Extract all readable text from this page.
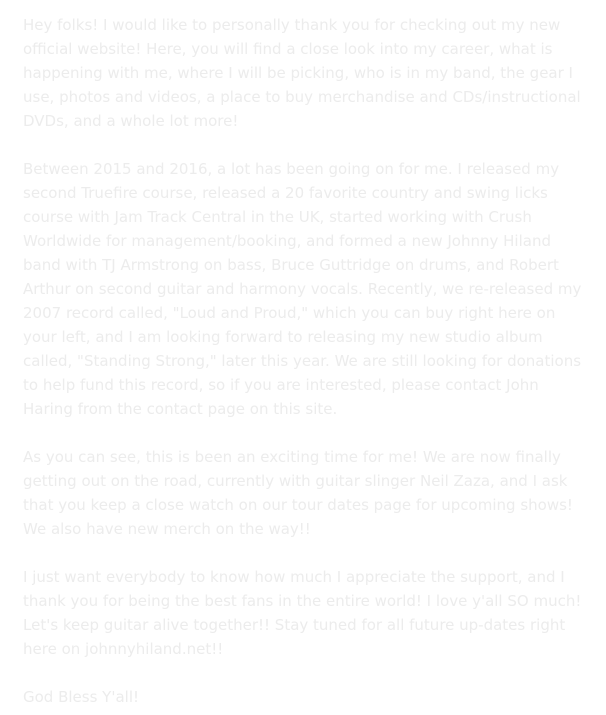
Hey folks! I would like to personally thank you for checking out my new official website! Here, you will find a close look into my career, what is happening with me, where I will be picking, who is in my band, the gear I use, photos and videos, a place to buy merchandise and CDs/instructional DVDs, and a whole lot more!

Between 2015 and 2016, a lot has been going on for me. I released my second Truefire course, released a 20 favorite country and swing licks course with Jam Track Central in the UK, started working with Crush Worldwide for management/booking, and formed a new Johnny Hiland band with TJ Armstrong on bass, Bruce Guttridge on drums, and Robert Arthur on second guitar and harmony vocals. Recently, we re-released my 2007 record called, "Loud and Proud," which you can buy right here on your left, and I am looking forward to releasing my new studio album called, "Standing Strong," later this year. We are still looking for donations to help fund this record, so if you are interested, please contact John Haring from the contact page on this site.

As you can see, this is been an exciting time for me! We are now finally getting out on the road, currently with guitar slinger Neil Zaza, and I ask that you keep a close watch on our tour dates page for upcoming shows! We also have new merch on the way!!

I just want everybody to know how much I appreciate the support, and I thank you for being the best fans in the entire world! I love y'all SO much! Let's keep guitar alive together!! Stay tuned for all future up-dates right here on johnnyhiland.net!!

God Bless Y'all!
